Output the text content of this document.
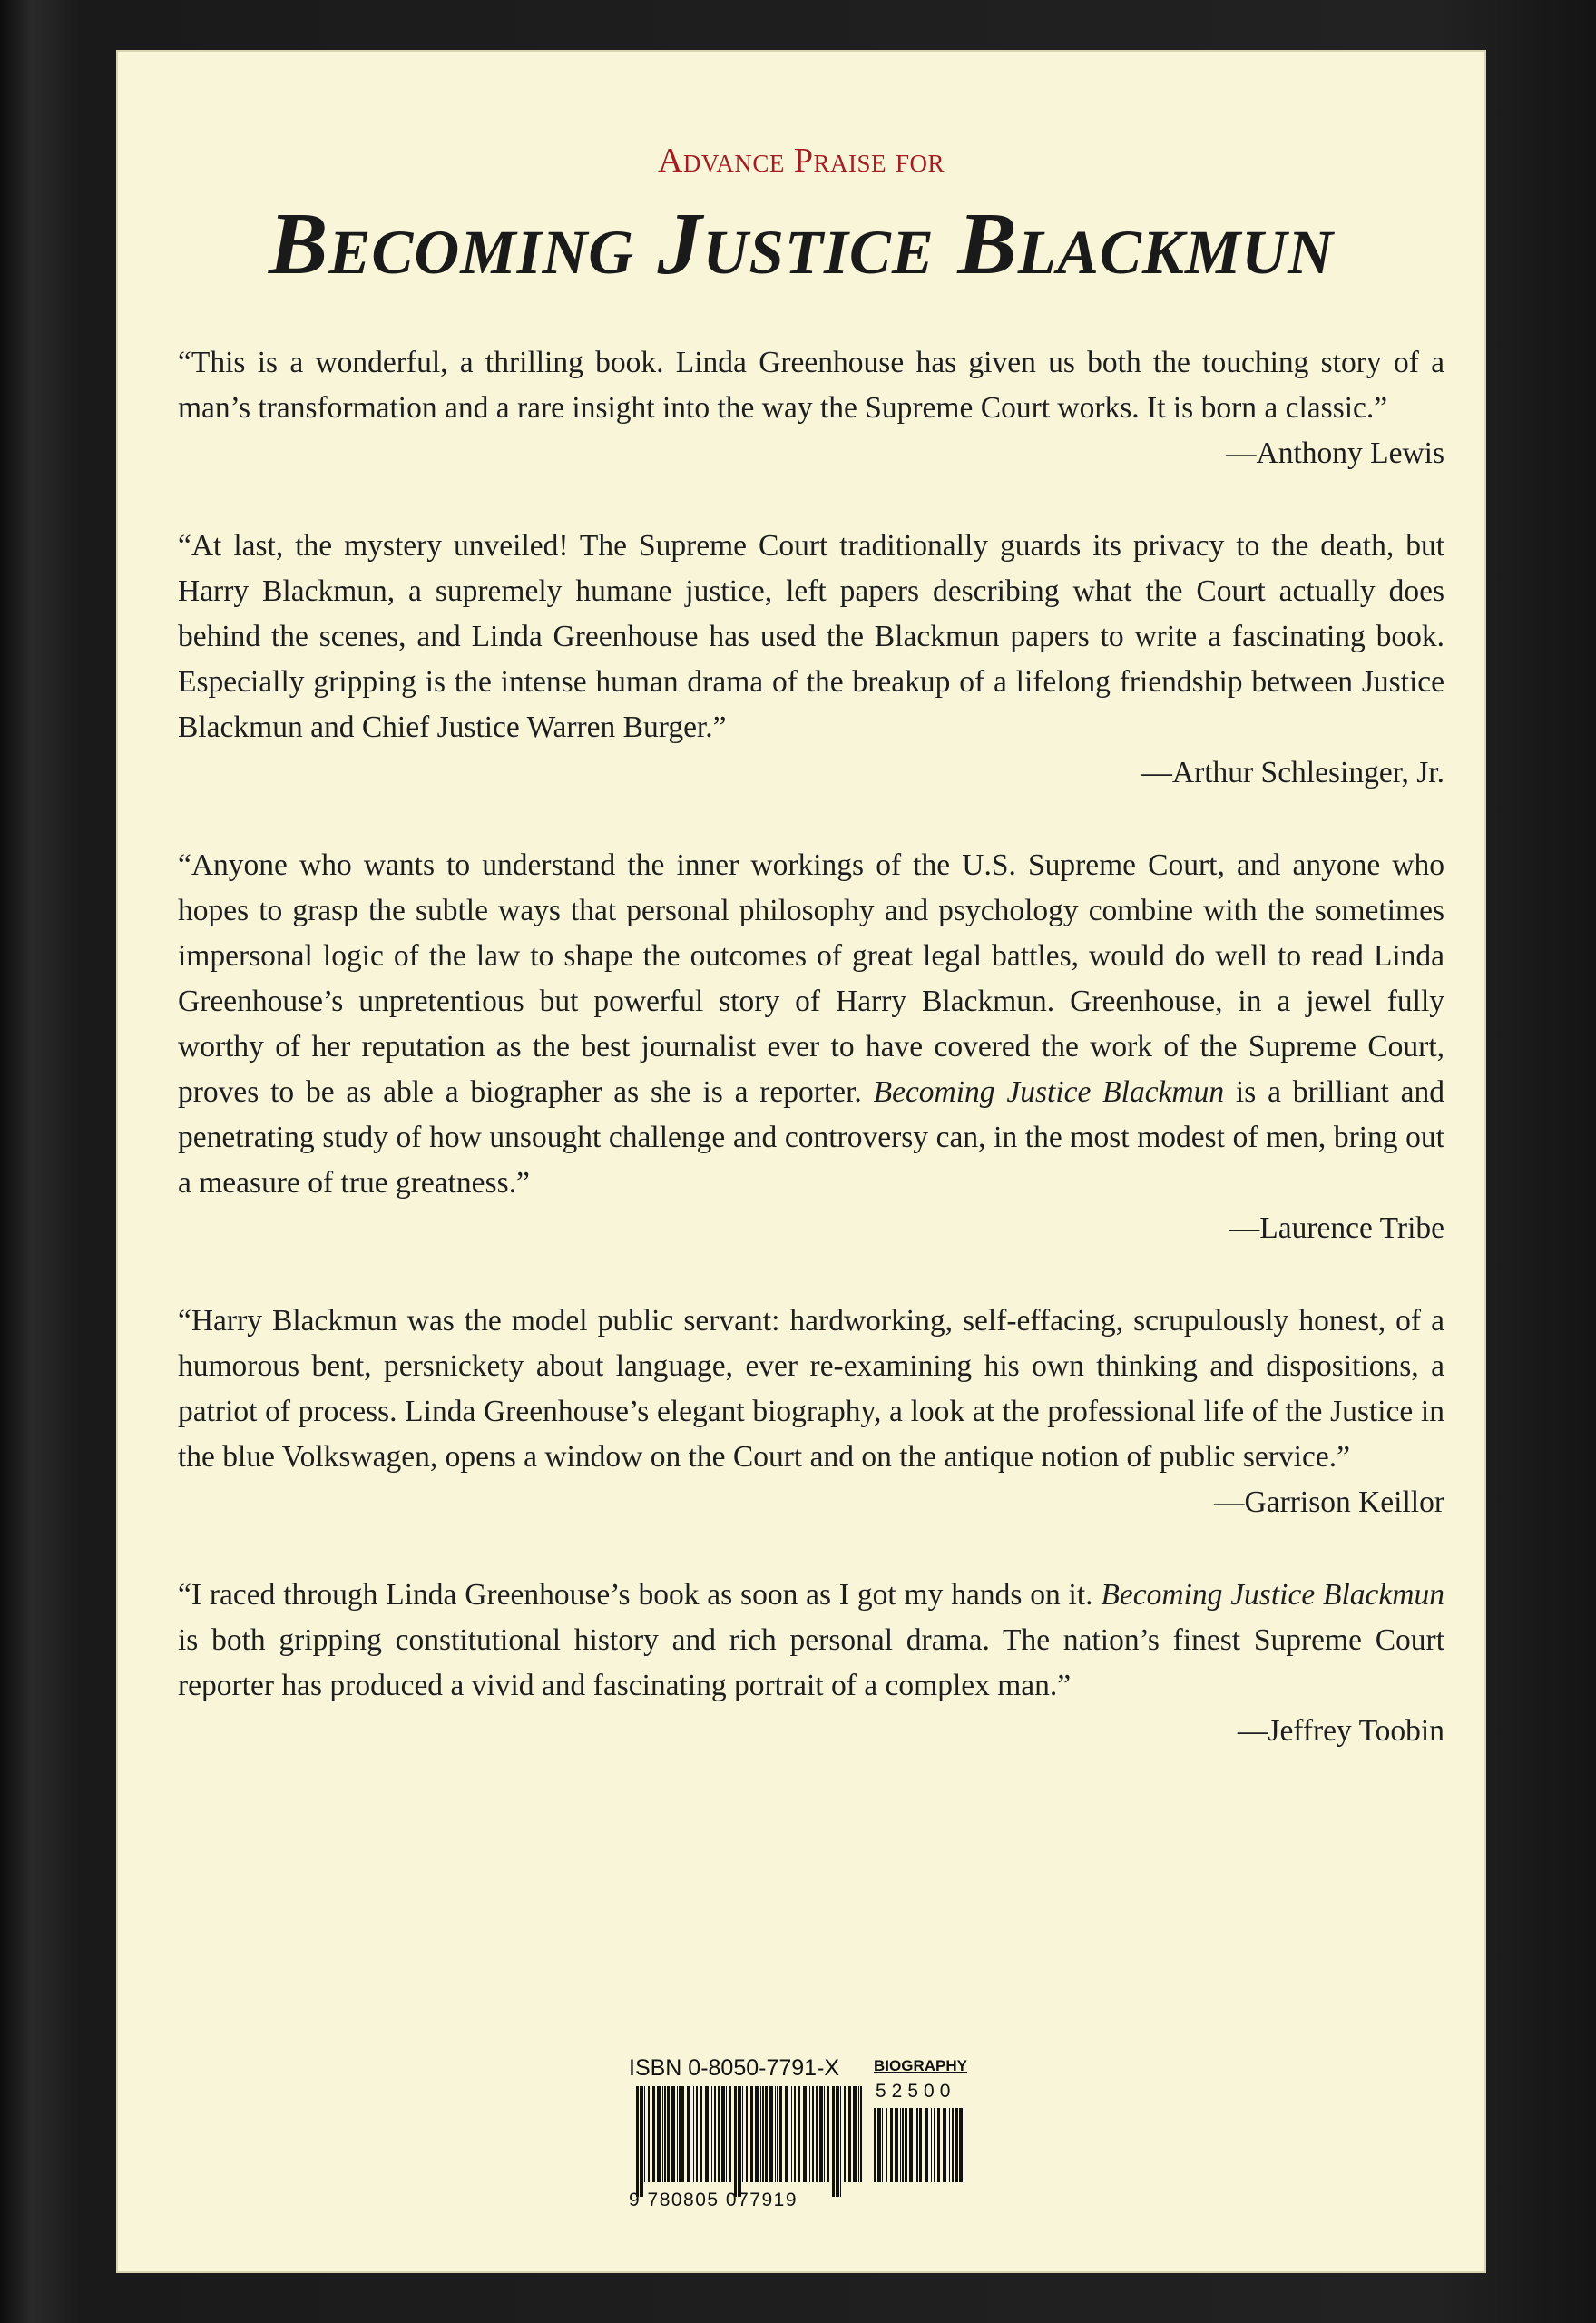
Advance Praise for
Becoming Justice Blackmun

“This is a wonderful, a thrilling book. Linda Greenhouse has given us both the touching story of a man’s transformation and a rare insight into the way the Supreme Court works. It is born a classic.”

—Anthony Lewis

“At last, the mystery unveiled! The Supreme Court traditionally guards its privacy to the death, but Harry Blackmun, a supremely humane justice, left papers describing what the Court actually does behind the scenes, and Linda Greenhouse has used the Blackmun papers to write a fascinating book. Especially gripping is the intense human drama of the breakup of a lifelong friendship between Justice Blackmun and Chief Justice Warren Burger.”

—Arthur Schlesinger, Jr.

“Anyone who wants to understand the inner workings of the U.S. Supreme Court, and anyone who hopes to grasp the subtle ways that personal philosophy and psychology combine with the sometimes impersonal logic of the law to shape the outcomes of great legal battles, would do well to read Linda Greenhouse’s unpretentious but powerful story of Harry Blackmun. Greenhouse, in a jewel fully worthy of her reputation as the best journalist ever to have covered the work of the Supreme Court, proves to be as able a biographer as she is a reporter. Becoming Justice Blackmun is a brilliant and penetrating study of how unsought challenge and controversy can, in the most modest of men, bring out a measure of true greatness.”

—Laurence Tribe

“Harry Blackmun was the model public servant: hardworking, self-effacing, scrupulously honest, of a humorous bent, persnickety about language, ever re-examining his own thinking and dispositions, a patriot of process. Linda Greenhouse’s elegant biography, a look at the professional life of the Justice in the blue Volkswagen, opens a window on the Court and on the antique notion of public service.”

—Garrison Keillor

“I raced through Linda Greenhouse’s book as soon as I got my hands on it. Becoming Justice Blackmun is both gripping constitutional history and rich personal drama. The nation’s finest Supreme Court reporter has produced a vivid and fascinating portrait of a complex man.”

—Jeffrey Toobin

ISBN 0-8050-7791-X BIOGRAPHY
52500
9 780805 077919
